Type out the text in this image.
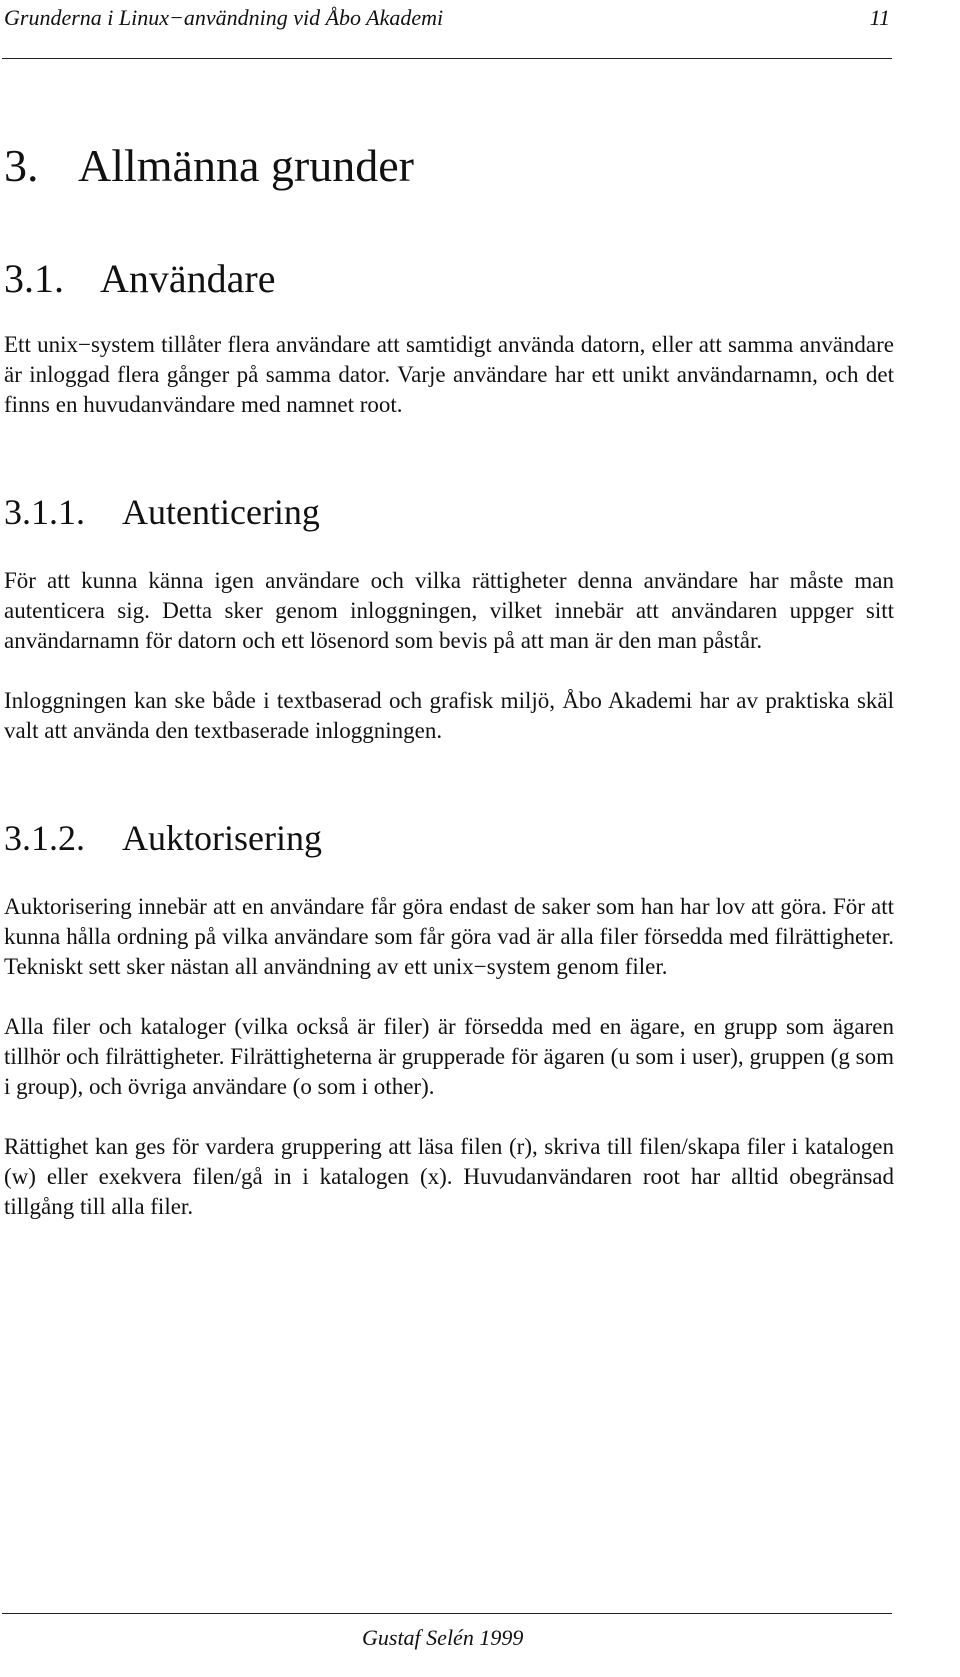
Grunderna i Linux−användning vid Åbo Akademi	11
3. Allmänna grunder
3.1. Användare

Ett unix−system tillåter flera användare att samtidigt använda datorn, eller att samma användare är inloggad flera gånger på samma dator. Varje användare har ett unikt användarnamn, och det finns en huvudanvändare med namnet root.

3.1.1. Autenticering

För att kunna känna igen användare och vilka rättigheter denna användare har måste man autenticera sig. Detta sker genom inloggningen, vilket innebär att användaren uppger sitt användarnamn för datorn och ett lösenord som bevis på att man är den man påstår.

Inloggningen kan ske både i textbaserad och grafisk miljö, Åbo Akademi har av praktiska skäl valt att använda den textbaserade inloggningen.

3.1.2. Auktorisering

Auktorisering innebär att en användare får göra endast de saker som han har lov att göra. För att kunna hålla ordning på vilka användare som får göra vad är alla filer försedda med filrättigheter. Tekniskt sett sker nästan all användning av ett unix−system genom filer.

Alla filer och kataloger (vilka också är filer) är försedda med en ägare, en grupp som ägaren tillhör och filrättigheter. Filrättigheterna är grupperade för ägaren (u som i user), gruppen (g som i group), och övriga användare (o som i other).

Rättighet kan ges för vardera gruppering att läsa filen (r), skriva till filen/skapa filer i katalogen (w) eller exekvera filen/gå in i katalogen (x). Huvudanvändaren root har alltid obegränsad tillgång till alla filer.

Gustaf Selén 1999
